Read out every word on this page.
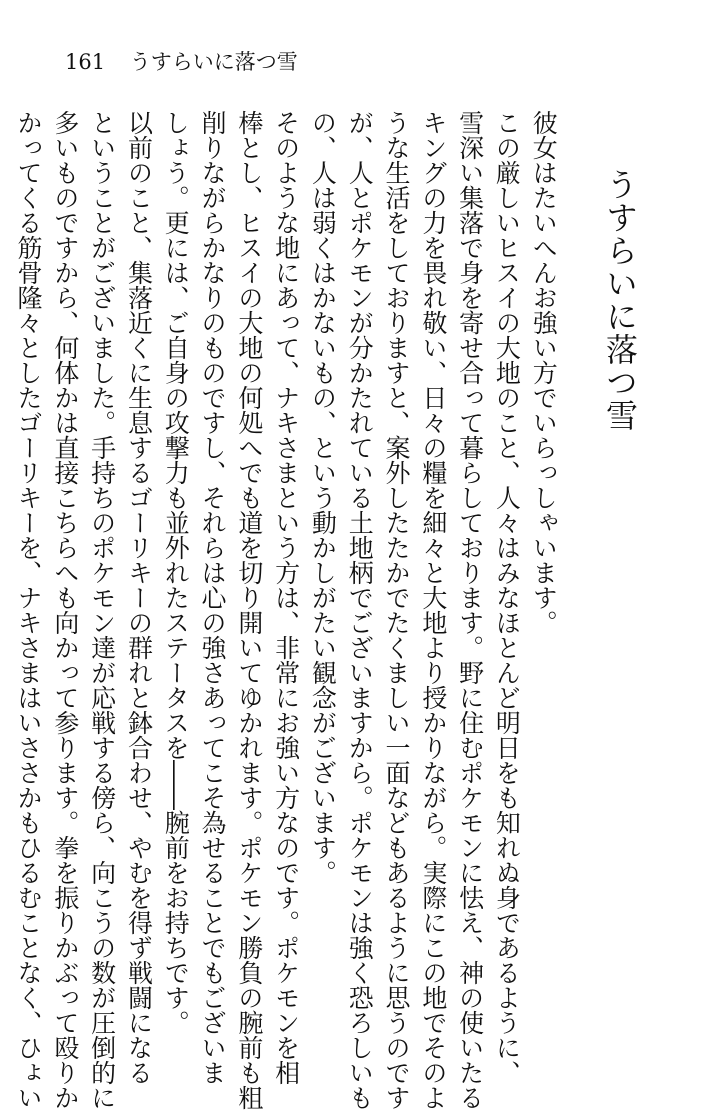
161 うすらいに落つ雪
うすらいに落つ雪
彼女はたいへんお強い方でいらっしゃいます。
この厳しいヒスイの大地のこと、人々はみなほとんど明日をも知れぬ身であるように、
雪深い集落で身を寄せ合って暮らしております。野に住むポケモンに怯え、神の使いたる
キングの力を畏れ敬い、日々の糧を細々と大地より授かりながら。実際にこの地でそのよ
うな生活をしておりますと、案外したたかでたくましい一面などもあるように思うのです
が、人とポケモンが分かたれている土地柄でございますから。ポケモンは強く恐ろしいも
の、人は弱くはかないもの、という動かしがたい観念がございます。
そのような地にあって、ナキさまという方は、非常にお強い方なのです。ポケモンを相
棒とし、ヒスイの大地の何処へでも道を切り開いてゆかれます。ポケモン勝負の腕前も粗
削りながらかなりのものですし、それらは心の強さあってこそ為せることでもございま
しょう。更には、ご自身の攻撃力も並外れたステータスを――腕前をお持ちです。
以前のこと、集落近くに生息するゴーリキーの群れと鉢合わせ、やむを得ず戦闘になる
ということがございました。手持ちのポケモン達が応戦する傍ら、向こうの数が圧倒的に
多いものですから、何体かは直接こちらへも向かって参ります。拳を振りかぶって殴りか
かってくる筋骨隆々としたゴーリキーを、ナキさまはいささかもひるむことなく、ひょい
